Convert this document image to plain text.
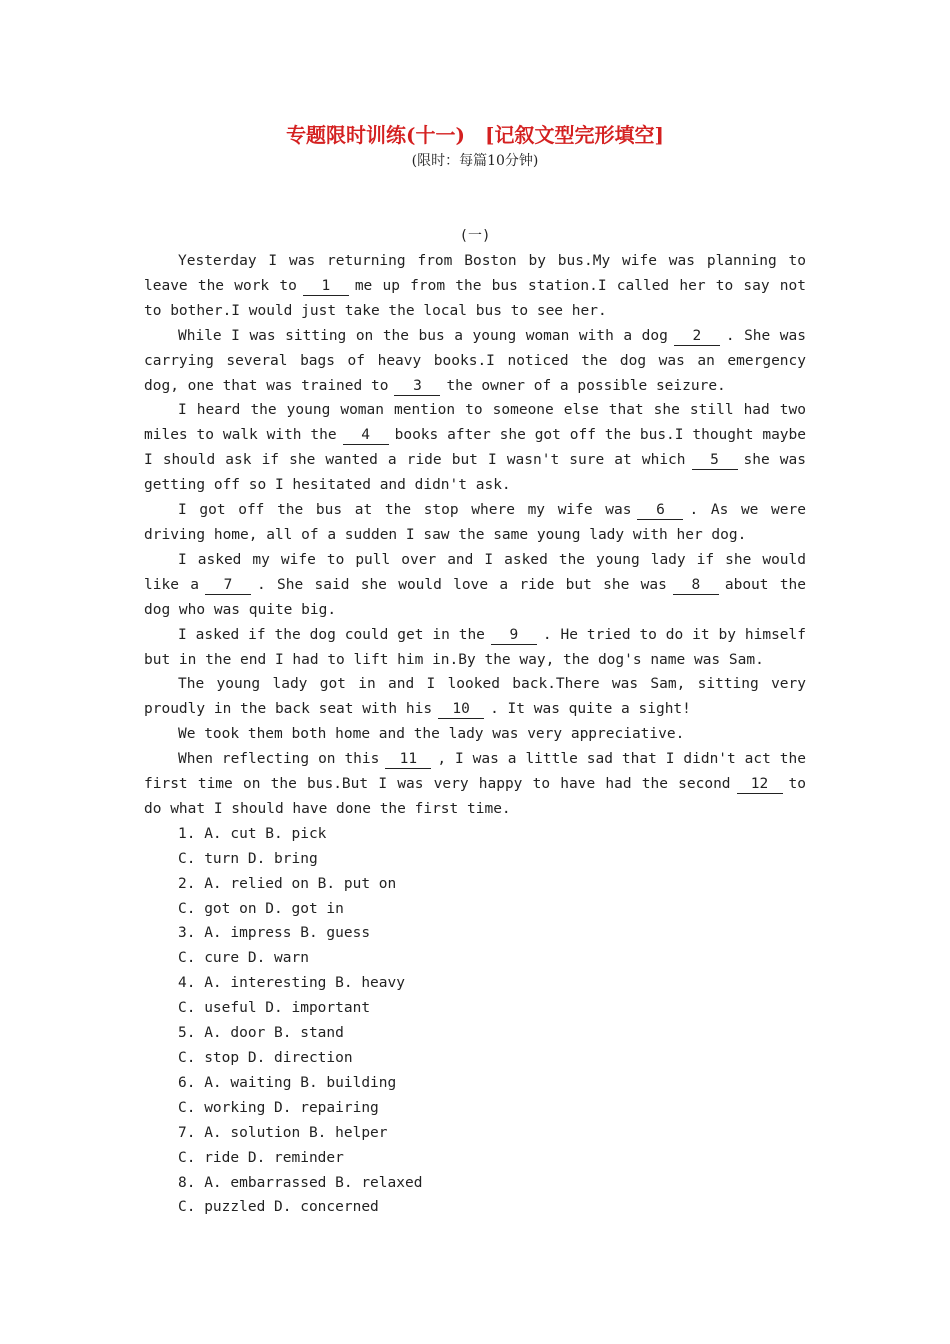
专题限时训练(十一)　[记叙文型完形填空]
(限时：每篇10分钟)
(一)

Yesterday I was returning from Boston by bus.My wife was planning to leave the work to 1 me up from the bus station.I called her to say not to bother.I would just take the local bus to see her.

While I was sitting on the bus a young woman with a dog 2 . She was carrying several bags of heavy books.I noticed the dog was an emergency dog, one that was trained to 3 the owner of a possible seizure.

I heard the young woman mention to someone else that she still had two miles to walk with the 4 books after she got off the bus.I thought maybe I should ask if she wanted a ride but I wasn't sure at which 5 she was getting off so I hesitated and didn't ask.

I got off the bus at the stop where my wife was 6 . As we were driving home, all of a sudden I saw the same young lady with her dog.

I asked my wife to pull over and I asked the young lady if she would like a 7 . She said she would love a ride but she was 8 about the dog who was quite big.

I asked if the dog could get in the 9 . He tried to do it by himself but in the end I had to lift him in.By the way, the dog's name was Sam.

The young lady got in and I looked back.There was Sam, sitting very proudly in the back seat with his 10 . It was quite a sight!

We took them both home and the lady was very appreciative.

When reflecting on this 11 , I was a little sad that I didn't act the first time on the bus.But I was very happy to have had the second 12 to do what I should have done the first time.

1. A. cut B. pick

C. turn D. bring

2. A. relied on B. put on

C. got on D. got in

3. A. impress B. guess

C. cure D. warn

4. A. interesting B. heavy

C. useful D. important

5. A. door B. stand

C. stop D. direction

6. A. waiting B. building

C. working D. repairing

7. A. solution B. helper

C. ride D. reminder

8. A. embarrassed B. relaxed

C. puzzled D. concerned
